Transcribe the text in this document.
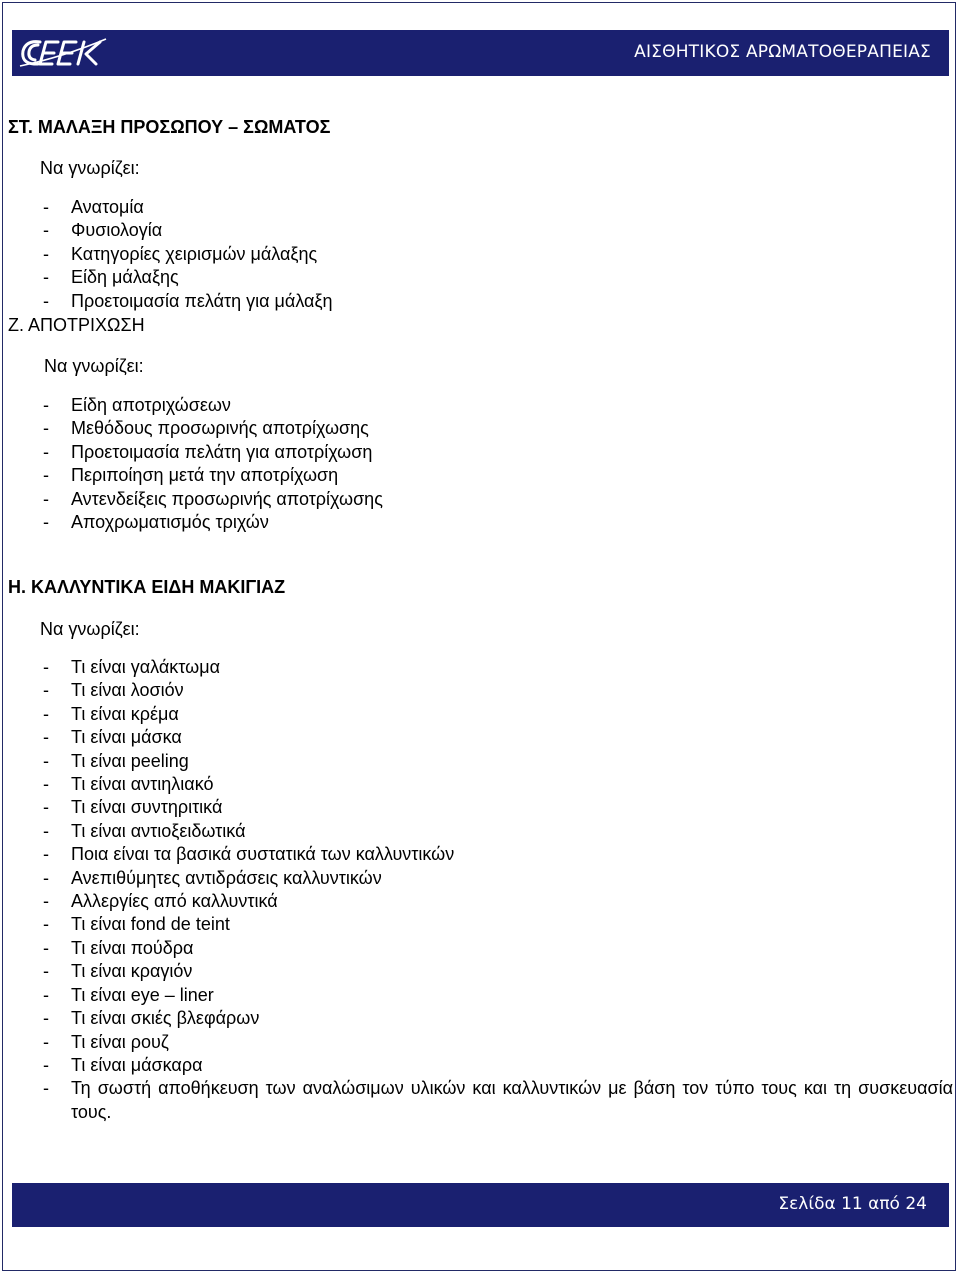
ΑΙΣΘΗΤΙΚΟΣ ΑΡΩΜΑΤΟΘΕΡΑΠΕΙΑΣ
ΣΤ. ΜΑΛΑΞΗ ΠΡΟΣΩΠΟΥ – ΣΩΜΑΤΟΣ
Να γνωρίζει:
- Ανατομία
- Φυσιολογία
- Κατηγορίες χειρισμών μάλαξης
- Είδη μάλαξης
- Προετοιμασία πελάτη για μάλαξη
Ζ. ΑΠΟΤΡΙΧΩΣΗ
Να γνωρίζει:
- Είδη αποτριχώσεων
- Μεθόδους προσωρινής αποτρίχωσης
- Προετοιμασία πελάτη για αποτρίχωση
- Περιποίηση μετά την αποτρίχωση
- Αντενδείξεις προσωρινής αποτρίχωσης
- Αποχρωματισμός τριχών
Η. ΚΑΛΛΥΝΤΙΚΑ ΕΙΔΗ ΜΑΚΙΓΙΑΖ
Να γνωρίζει:
- Τι είναι γαλάκτωμα
- Τι είναι λοσιόν
- Τι είναι κρέμα
- Τι είναι μάσκα
- Τι είναι peeling
- Τι είναι αντιηλιακό
- Τι είναι συντηριτικά
- Τι είναι αντιοξειδωτικά
- Ποια είναι τα βασικά συστατικά των καλλυντικών
- Ανεπιθύμητες αντιδράσεις καλλυντικών
- Αλλεργίες από καλλυντικά
- Τι είναι fond de teint
- Τι είναι πούδρα
- Τι είναι κραγιόν
- Τι είναι eye – liner
- Τι είναι σκιές βλεφάρων
- Τι είναι ρουζ
- Τι είναι μάσκαρα
- Τη σωστή αποθήκευση των αναλώσιμων υλικών και καλλυντικών με βάση τον τύπο τους και τη συσκευασία τους.
Σελίδα 11 από 24
